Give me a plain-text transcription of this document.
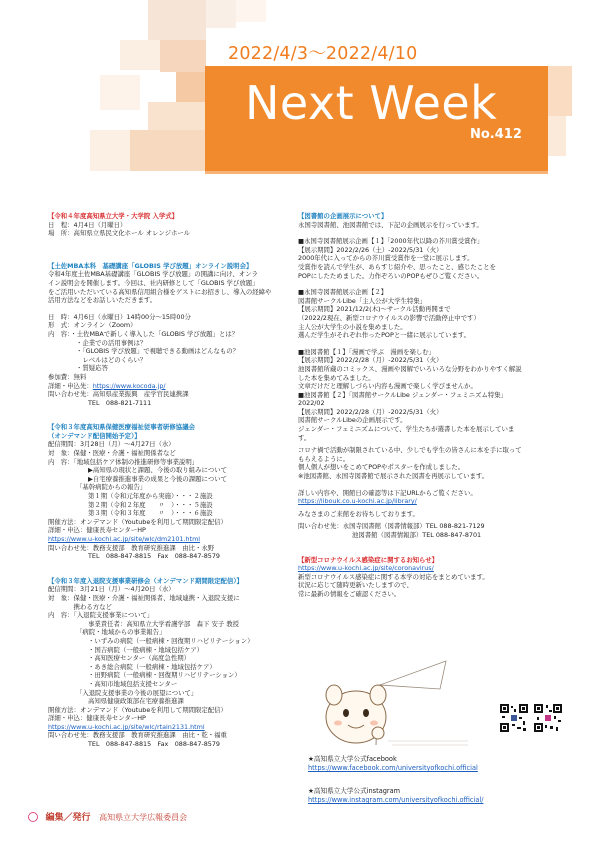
2022/4/3〜2022/4/10
Next Week
No.412
【令和４年度高知県立大学・大学院 入学式】
日　程：4月4日（月曜日）
場　所：高知県立県民文化ホール オレンジホール
【土佐MBA本科　基礎講座「GLOBIS 学び放題」オンライン説明会】
令和4年度土佐MBA基礎講座「GLOBIS 学び放題」の開講に向け、オンラ
イン説明会を開催します。今回は、社内研修として「GLOBIS 学び放題」
をご活用いただいている高知県信用組合様をゲストにお招きし、導入の経緯や
活用方法などをお話しいただきます。
日　時：4月6日（水曜日）14時00分〜15時00分
形　式：オンライン（Zoom）
内　容：・土佐MBAで新しく導入した「GLOBIS 学び放題」とは？
・企業での活用事例は？
・「GLOBIS 学び放題」で視聴できる動画はどんなもの？
　レベルはどのくらい？
・質疑応答
参加費：無料
詳細・申込先：https://www.kocoda.jp/
問い合わせ先：高知県産業振興　産学官民連携課
TEL　088-821-7111
【令和３年度高知県保健医療福祉従事者研修協議会
（オンデマンド配信開始予定）】
配信期間：3月28日（月）〜4月27日（水）
対　象：保健・医療・介護・福祉関係者など
内　容：「地域包括ケア体制の推進研修等事業説明」
▶高知県の現状と課題、今後の取り組みについて
▶自宅療養推進事業の成果と今後の課題について
「基幹病院からの報告」
第１期（令和元年度から実施）・・・２施設
第２期（令和２年度　　〃　）・・・５施設
第３期（令和３年度　　〃　）・・・６施設
開催方法：オンデマンド（Youtubeを利用して期間限定配信）
詳細・申込：健康長寿センターHP
https://www.u-kochi.ac.jp/site/wlc/dm2101.html
問い合わせ先：教務支援部　教育研究推進課　由比・永野
TEL　088-847-8815　Fax　088-847-8579
【令和３年度入退院支援事業研修会（オンデマンド期間限定配信）】
配信期間：3月21日（月）〜4月20日（水）
対　象：保健・医療・介護・福祉関係者、地域連携・入退院支援に
　　　　携わる方など
内　容：「入退院支援事業について」
事業責任者：高知県立大学看護学部　森下 安子 教授
「病院・地域からの事業報告」
・いずみの病院（一般病棟・回復期リハビリテーション）
・国吉病院（一般病棟・地域包括ケア）
・高知医療センター（高度急性期）
・あき総合病院（一般病棟・地域包括ケア）
・田野病院（一般病棟・回復期リハビリテーション）
・高知市地域包括支援センター
「入退院支援事業の今後の展望について」
高知県健康政策部在宅療養推進課
開催方法：オンデマンド（Youtubeを利用して期間限定配信）
詳細・申込：健康長寿センターHP
https://www.u-kochi.ac.jp/site/wlc/rtain2131.html
問い合わせ先：教務支援部　教育研究推進課　由比・乾・福重
TEL　088-847-8815　Fax　088-847-8579
【図書館の企画展示について】
永国寺図書館、池図書館では、下記の企画展示を行っています。
■永国寺図書館展示企画【１】「2000年代以降の芥川賞受賞作」
【展示期間】2022/2/26（土）-2022/5/31（火）
2000年代に入ってからの芥川賞受賞作を一堂に展示します。
受賞作を読んで学生が、あらすじ紹介や、思ったこと、感じたことを
POPにしたためました。力作ぞろいのPOPもぜひご覧ください。
■永国寺図書館展示企画【２】
図書館サークルLibe「主人公が大学生特集」
【展示期間】2021/12/2(木)〜サークル活動再開まで
（2022/2現在、新型コロナウイルスの影響で活動停止中です）
主人公が大学生の小説を集めました。
選んだ学生がそれぞれ作ったPOPと一緒に展示しています。
■池図書館【１】「漫画で学ぶ　漫画を楽しむ」
【展示期間】2022/2/28（月）-2022/5/31（火）
池図書館所蔵のコミックス、漫画や図解でいろいろな分野をわかりやすく解説
した本を集めてみました。
文章だけだと理解しづらい内容も漫画で楽しく学びませんか。
■池図書館【２】「図書館サークルLibe ジェンダー・フェミニズム特集」
2022/02
【展示期間】2022/2/28（月）-2022/5/31（火）
図書館サークルLibeの企画展示です。
ジェンダー・フェミニズムについて、学生たちが選書した本を展示していま
す。
コロナ禍で活動が制限されている中、少しでも学生の皆さんに本を手に取って
もらえるように。
個人個人が想いをこめてPOPやポスターを作成しました。
※池図書館、永国寺図書館で展示された図書を再展示しています。
詳しい内容や、開館日の確認等は下記URLからご覧ください。
https://libouk.co.u-kochi.ac.jp/library/
みなさまのご来館をお待ちしております。
問い合わせ先：永国寺図書館（図書情報部）TEL 088-821-7129
池図書館（図書情報部）TEL 088-847-8701
【新型コロナウイルス感染症に関するお知らせ】
https://www.u-kochi.ac.jp/site/coronavirus/
新型コロナウイルス感染症に関する本学の対応をまとめています。
状況に応じて随時更新いたしますので、
常に最新の情報をご確認ください。
★高知県立大学公式facebook
https://www.facebook.com/universityofkochi.official
★高知県立大学公式instagram
https://www.instagram.com/universityofkochi.official/
編集／発行 高知県立大学広報委員会
